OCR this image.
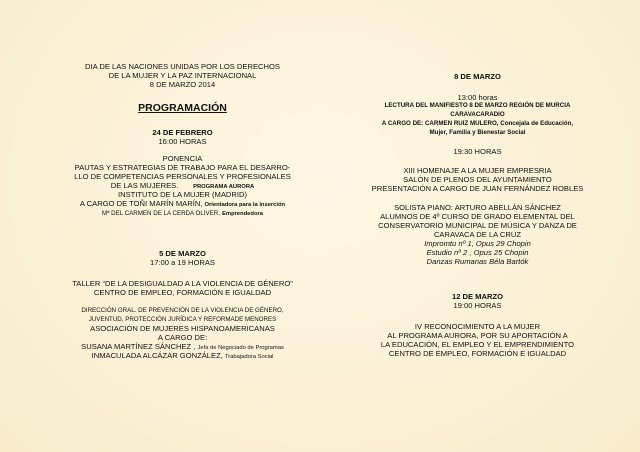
DIA DE LAS NACIONES UNIDAS POR LOS DERECHOS
DE LA MUJER Y LA PAZ INTERNACIONAL
8 DE MARZO 2014
PROGRAMACIÓN
24 DE FEBRERO
16:00 HORAS
PONENCIA
PAUTAS Y ESTRATEGIAS DE TRABAJO PARA EL DESARRO-
LLO DE COMPETENCIAS PERSONALES Y PROFESIONALES
DE LAS MUJERES.	PROGRAMA AURORA
INSTITUTO DE LA MUJER (MADRID)
A CARGO DE TOÑI MARÍN MARÍN, Orientadora para la inserción
Mª DEL CARMEN DE LA CERDA OLIVER, Emprendedora
5 DE MARZO
17:00 a 19 HORAS
TALLER “DE LA DESIGUALDAD A LA VIOLENCIA DE GÉNERO”
CENTRO DE EMPLEO, FORMACIÓN E IGUALDAD
DIRECCIÓN GRAL. DE PREVENCIÓN DE LA VIOLENCIA DE GÉNERO,
JUVENTUD, PROTECCIÓN JURÍDICA Y REFORMADE MENORES
ASOCIACIÓN DE MUJERES HISPANOAMERICANAS
A CARGO DE:
SUSANA MARTÍNEZ SÁNCHEZ , Jefa de Negociado de Programas
INMACULADA ALCÁZAR GONZÁLEZ, Trabajadora Social
8 DE MARZO
13:00 horas
LECTURA DEL MANIFIESTO 8 DE MARZO REGIÓN DE MURCIA
CARAVACARADIO
A CARGO DE: CARMEN RUIZ MULERO, Concejala de Educación,
Mujer, Familia y Bienestar Social
19:30 HORAS
XIII HOMENAJE A LA MUJER EMPRESRIA
SALÓN DE PLENOS DEL AYUNTAMIENTO
PRESENTACIÓN A CARGO DE JUAN FERNÁNDEZ ROBLES
SOLISTA PIANO: ARTURO ABELLÁN SÁNCHEZ
ALUMNOS DE 4º CURSO DE GRADO ELEMENTAL DEL
CONSERVATORIO MUNICIPAL DE MÚSICA Y DANZA DE
CARAVACA DE LA CRUZ
Impromtu nº 1, Opus 29 Chopin
Estudio nº 2 , Opus 25 Chopin
Danzas Rumanas Béla Bartók
12 DE MARZO
19:00 HORAS
IV RECONOCIMIENTO A LA MUJER
AL PROGRAMA AURORA, POR SU APORTACIÓN A
LA EDUCACIÓN, EL EMPLEO Y EL EMPRENDIMIENTO
CENTRO DE EMPLEO, FORMACIÓN E IGUALDAD
